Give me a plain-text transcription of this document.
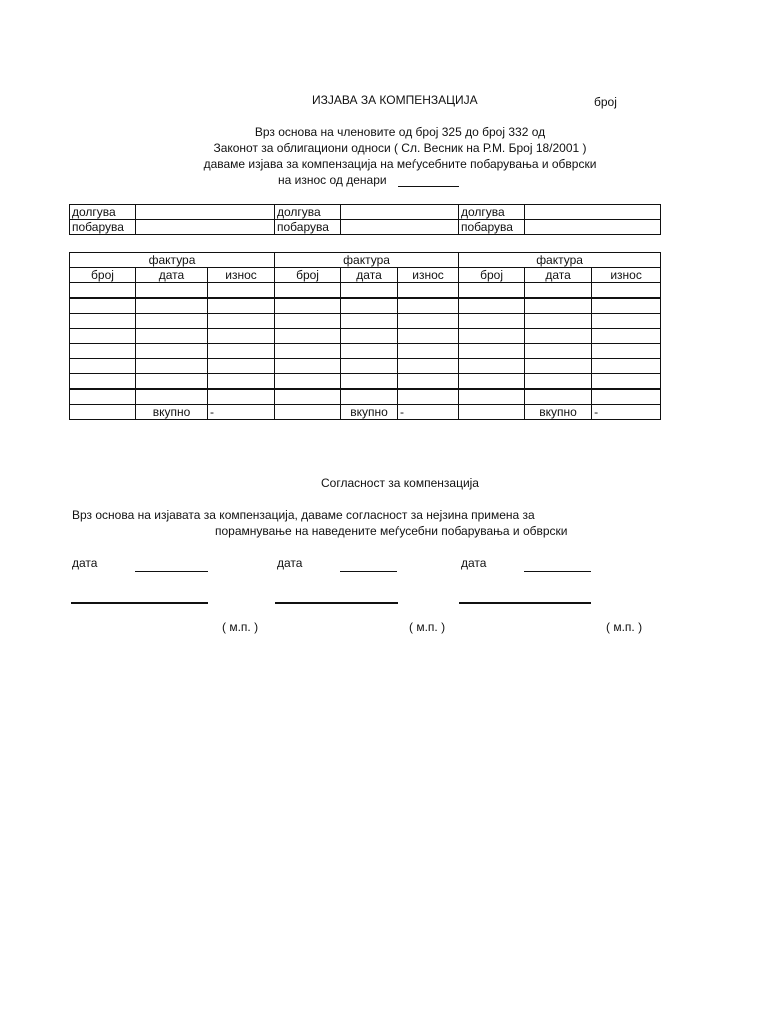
ИЗЈАВА ЗА КОМПЕНЗАЦИЈА	број
Врз основа на членовите од број 325 до број 332 од
Законот за облигациони односи ( Сл. Весник на Р.М. Број 18/2001 )
даваме изјава за компензација на меѓусебните побарувања и обврски
на износ од денари
долгува		долгува		долгува	
побарува		побарува		побарува	
фактура			фактура			фактура		
број	дата	износ	број	дата	износ	број	дата	износ

	вкупно	-		вкупно	-		вкупно	-
Согласност за компензација
Врз основа на изјавата за компензација, даваме согласност за нејзина примена за
порамнување на наведените меѓусебни побарувања и обврски
дата	дата	дата
( м.п. )	( м.п. )	( м.п. )
